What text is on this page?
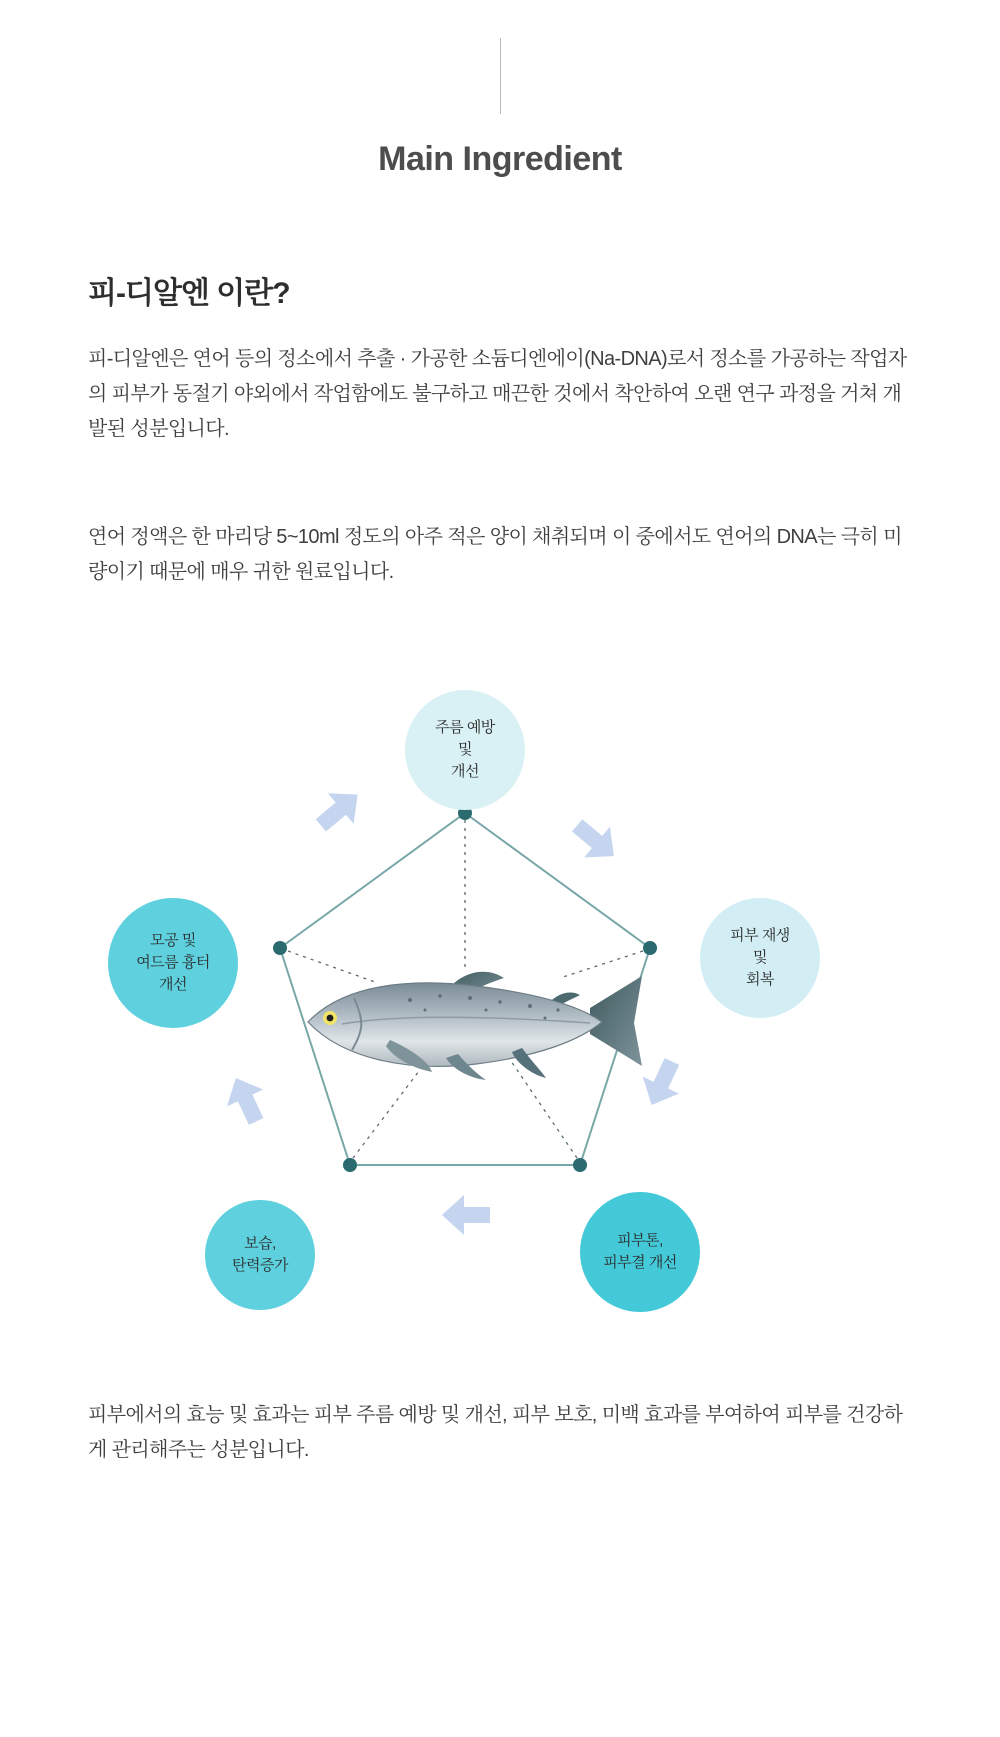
Main Ingredient
피-디알엔 이란?
피-디알엔은 연어 등의 정소에서 추출 · 가공한 소듐디엔에이(Na-DNA)로서 정소를 가공하는 작업자의 피부가 동절기 야외에서 작업함에도 불구하고 매끈한 것에서 착안하여 오랜 연구 과정을 거쳐 개발된 성분입니다.
연어 정액은 한 마리당 5~10ml 정도의 아주 적은 양이 채취되며 이 중에서도 연어의 DNA는 극히 미량이기 때문에 매우 귀한 원료입니다.
주름 예방
및
개선
피부 재생
및
회복
모공 및
여드름 흉터
개선
보습,
탄력증가
피부톤,
피부결 개선
피부에서의 효능 및 효과는 피부 주름 예방 및 개선, 피부 보호, 미백 효과를 부여하여 피부를 건강하게 관리해주는 성분입니다.
